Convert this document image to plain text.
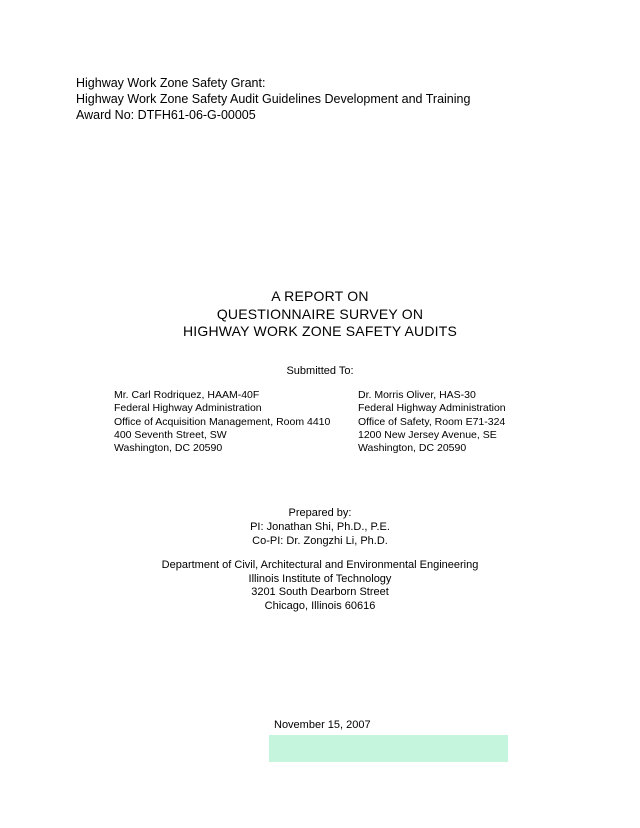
Highway Work Zone Safety Grant:
Highway Work Zone Safety Audit Guidelines Development and Training
Award No: DTFH61-06-G-00005
A REPORT ON
QUESTIONNAIRE SURVEY ON
HIGHWAY WORK ZONE SAFETY AUDITS
Submitted To:
Mr. Carl Rodriquez, HAAM-40F
Federal Highway Administration
Office of Acquisition Management, Room 4410
400 Seventh Street, SW
Washington, DC 20590
Dr. Morris Oliver, HAS-30
Federal Highway Administration
Office of Safety, Room E71-324
1200 New Jersey Avenue, SE
Washington, DC 20590
Prepared by:
PI: Jonathan Shi, Ph.D., P.E.
Co-PI: Dr. Zongzhi Li, Ph.D.
Department of Civil, Architectural and Environmental Engineering
Illinois Institute of Technology
3201 South Dearborn Street
Chicago, Illinois 60616
November 15, 2007
